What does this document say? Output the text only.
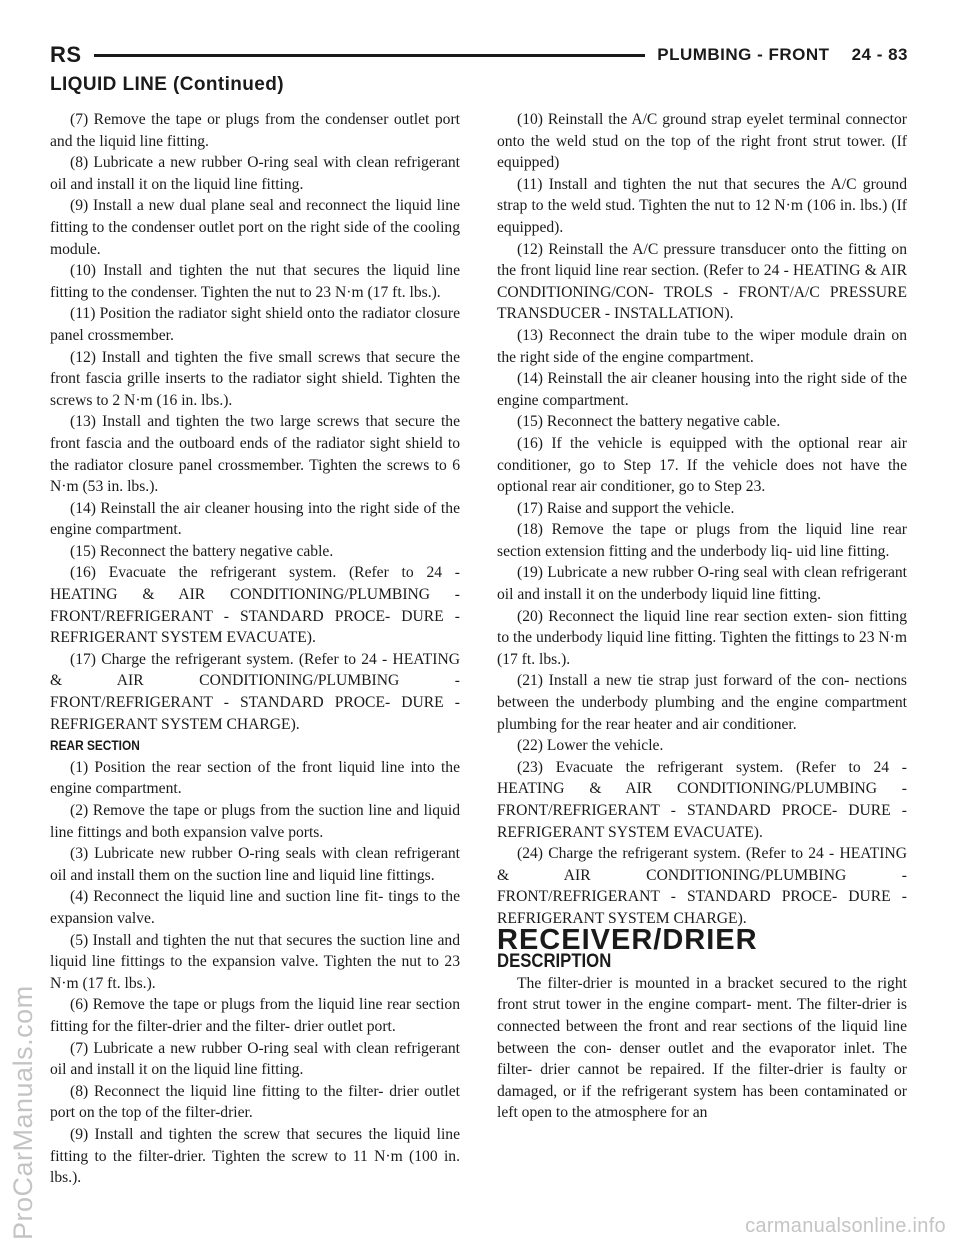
RS	PLUMBING - FRONT 24 - 83
LIQUID LINE (Continued)

(7) Remove the tape or plugs from the condenser outlet port and the liquid line fitting.

(8) Lubricate a new rubber O-ring seal with clean refrigerant oil and install it on the liquid line fitting.

(9) Install a new dual plane seal and reconnect the liquid line fitting to the condenser outlet port on the right side of the cooling module.

(10) Install and tighten the nut that secures the liquid line fitting to the condenser. Tighten the nut to 23 N·m (17 ft. lbs.).

(11) Position the radiator sight shield onto the radiator closure panel crossmember.

(12) Install and tighten the five small screws that secure the front fascia grille inserts to the radiator sight shield. Tighten the screws to 2 N·m (16 in. lbs.).

(13) Install and tighten the two large screws that secure the front fascia and the outboard ends of the radiator sight shield to the radiator closure panel crossmember. Tighten the screws to 6 N·m (53 in. lbs.).

(14) Reinstall the air cleaner housing into the right side of the engine compartment.

(15) Reconnect the battery negative cable.

(16) Evacuate the refrigerant system. (Refer to 24 - HEATING & AIR CONDITIONING/PLUMBING - FRONT/REFRIGERANT - STANDARD PROCE- DURE - REFRIGERANT SYSTEM EVACUATE).

(17) Charge the refrigerant system. (Refer to 24 - HEATING & AIR CONDITIONING/PLUMBING - FRONT/REFRIGERANT - STANDARD PROCE- DURE - REFRIGERANT SYSTEM CHARGE).

REAR SECTION

(1) Position the rear section of the front liquid line into the engine compartment.

(2) Remove the tape or plugs from the suction line and liquid line fittings and both expansion valve ports.

(3) Lubricate new rubber O-ring seals with clean refrigerant oil and install them on the suction line and liquid line fittings.

(4) Reconnect the liquid line and suction line fit- tings to the expansion valve.

(5) Install and tighten the nut that secures the suction line and liquid line fittings to the expansion valve. Tighten the nut to 23 N·m (17 ft. lbs.).

(6) Remove the tape or plugs from the liquid line rear section fitting for the filter-drier and the filter- drier outlet port.

(7) Lubricate a new rubber O-ring seal with clean refrigerant oil and install it on the liquid line fitting.

(8) Reconnect the liquid line fitting to the filter- drier outlet port on the top of the filter-drier.

(9) Install and tighten the screw that secures the liquid line fitting to the filter-drier. Tighten the screw to 11 N·m (100 in. lbs.).

(10) Reinstall the A/C ground strap eyelet terminal connector onto the weld stud on the top of the right front strut tower. (If equipped)

(11) Install and tighten the nut that secures the A/C ground strap to the weld stud. Tighten the nut to 12 N·m (106 in. lbs.) (If equipped).

(12) Reinstall the A/C pressure transducer onto the fitting on the front liquid line rear section. (Refer to 24 - HEATING & AIR CONDITIONING/CON- TROLS - FRONT/A/C PRESSURE TRANSDUCER - INSTALLATION).

(13) Reconnect the drain tube to the wiper module drain on the right side of the engine compartment.

(14) Reinstall the air cleaner housing into the right side of the engine compartment.

(15) Reconnect the battery negative cable.

(16) If the vehicle is equipped with the optional rear air conditioner, go to Step 17. If the vehicle does not have the optional rear air conditioner, go to Step 23.

(17) Raise and support the vehicle.

(18) Remove the tape or plugs from the liquid line rear section extension fitting and the underbody liq- uid line fitting.

(19) Lubricate a new rubber O-ring seal with clean refrigerant oil and install it on the underbody liquid line fitting.

(20) Reconnect the liquid line rear section exten- sion fitting to the underbody liquid line fitting. Tighten the fittings to 23 N·m (17 ft. lbs.).

(21) Install a new tie strap just forward of the con- nections between the underbody plumbing and the engine compartment plumbing for the rear heater and air conditioner.

(22) Lower the vehicle.

(23) Evacuate the refrigerant system. (Refer to 24 - HEATING & AIR CONDITIONING/PLUMBING - FRONT/REFRIGERANT - STANDARD PROCE- DURE - REFRIGERANT SYSTEM EVACUATE).

(24) Charge the refrigerant system. (Refer to 24 - HEATING & AIR CONDITIONING/PLUMBING - FRONT/REFRIGERANT - STANDARD PROCE- DURE - REFRIGERANT SYSTEM CHARGE).

RECEIVER/DRIER

DESCRIPTION

The filter-drier is mounted in a bracket secured to the right front strut tower in the engine compart- ment. The filter-drier is connected between the front and rear sections of the liquid line between the con- denser outlet and the evaporator inlet. The filter- drier cannot be repaired. If the filter-drier is faulty or damaged, or if the refrigerant system has been contaminated or left open to the atmosphere for an

ProCarManuals.com	carmanualsonline.info
